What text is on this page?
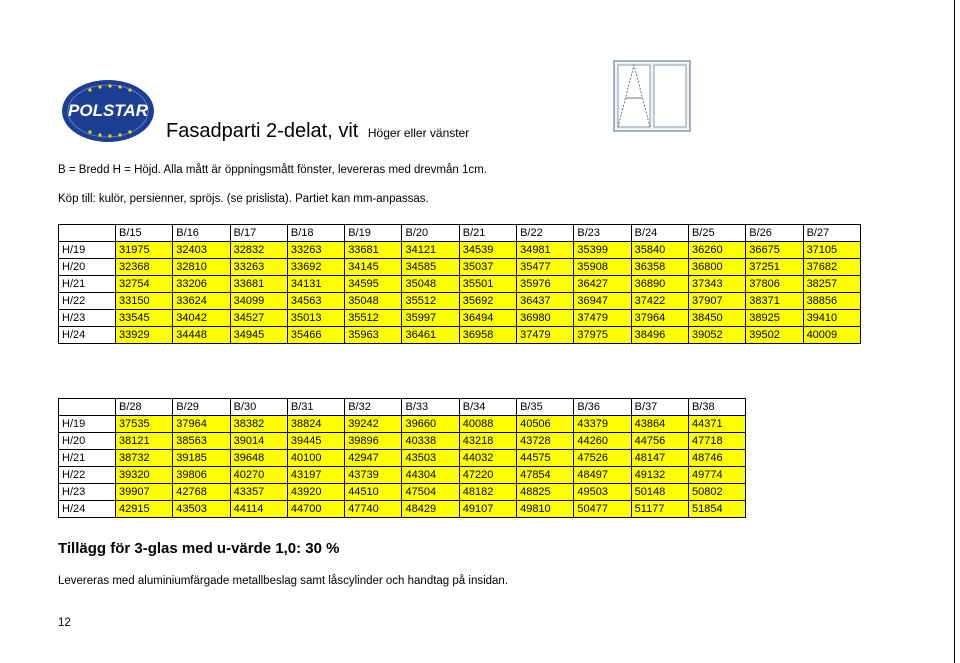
POLSTAR
Fasadparti 2-delat, vit Höger eller vänster
B = Bredd H = Höjd. Alla mått är öppningsmått fönster, levereras med drevmån 1cm.
Köp till: kulör, persienner, spröjs. (se prislista). Partiet kan mm-anpassas.
	B/15	B/16	B/17	B/18	B/19	B/20	B/21	B/22	B/23	B/24	B/25	B/26	B/27
H/19	31975	32403	32832	33263	33681	34121	34539	34981	35399	35840	36260	36675	37105
H/20	32368	32810	33263	33692	34145	34585	35037	35477	35908	36358	36800	37251	37682
H/21	32754	33206	33681	34131	34595	35048	35501	35976	36427	36890	37343	37806	38257
H/22	33150	33624	34099	34563	35048	35512	35692	36437	36947	37422	37907	38371	38856
H/23	33545	34042	34527	35013	35512	35997	36494	36980	37479	37964	38450	38925	39410
H/24	33929	34448	34945	35466	35963	36461	36958	37479	37975	38496	39052	39502	40009
	B/28	B/29	B/30	B/31	B/32	B/33	B/34	B/35	B/36	B/37	B/38
H/19	37535	37964	38382	38824	39242	39660	40088	40506	43379	43864	44371
H/20	38121	38563	39014	39445	39896	40338	43218	43728	44260	44756	47718
H/21	38732	39185	39648	40100	42947	43503	44032	44575	47526	48147	48746
H/22	39320	39806	40270	43197	43739	44304	47220	47854	48497	49132	49774
H/23	39907	42768	43357	43920	44510	47504	48182	48825	49503	50148	50802
H/24	42915	43503	44114	44700	47740	48429	49107	49810	50477	51177	51854
Tillägg för 3-glas med u-värde 1,0: 30 %
Levereras med aluminiumfärgade metallbeslag samt låscylinder och handtag på insidan.
12
